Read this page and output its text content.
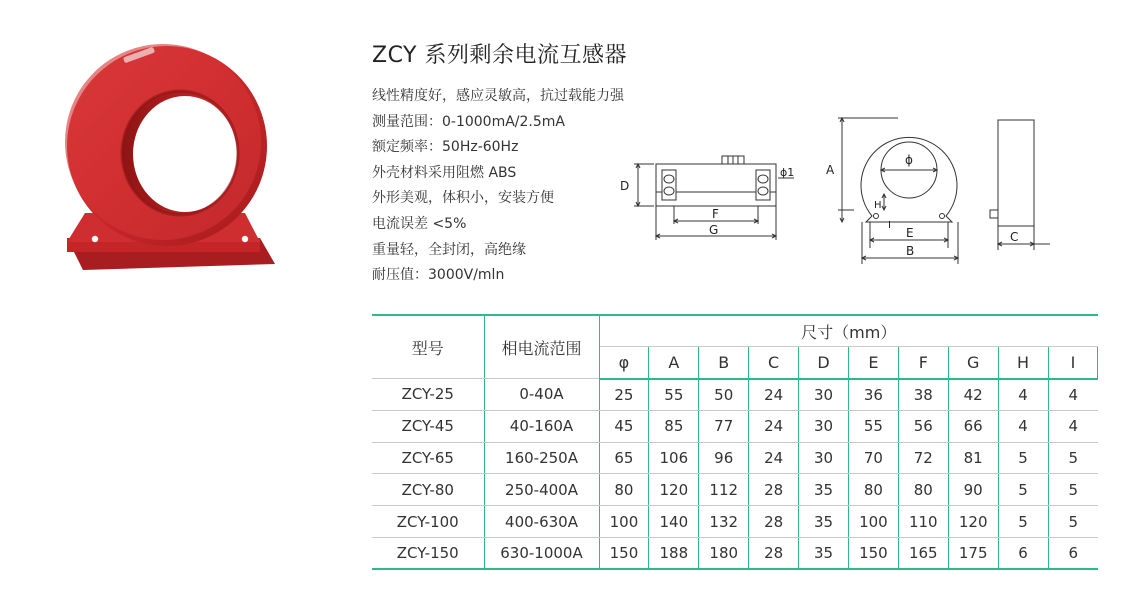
ZCY 系列剩余电流互感器
线性精度好，感应灵敏高，抗过载能力强
测量范围：0-1000mA/2.5mA
额定频率：50Hz-60Hz
外壳材料采用阻燃 ABS
外形美观，体积小，安装方便
电流误差 <5%
重量轻，全封闭，高绝缘
耐压值：3000V/mln
D
F
G
ϕ1	A
ϕ
H
I
E
B
C
型号	相电流范围	尺寸（mm）									
		φ	A	B	C	D	E	F	G	H	I
ZCY-25	0-40A	25	55	50	24	30	36	38	42	4	4
ZCY-45	40-160A	45	85	77	24	30	55	56	66	4	4
ZCY-65	160-250A	65	106	96	24	30	70	72	81	5	5
ZCY-80	250-400A	80	120	112	28	35	80	80	90	5	5
ZCY-100	400-630A	100	140	132	28	35	100	110	120	5	5
ZCY-150	630-1000A	150	188	180	28	35	150	165	175	6	6
